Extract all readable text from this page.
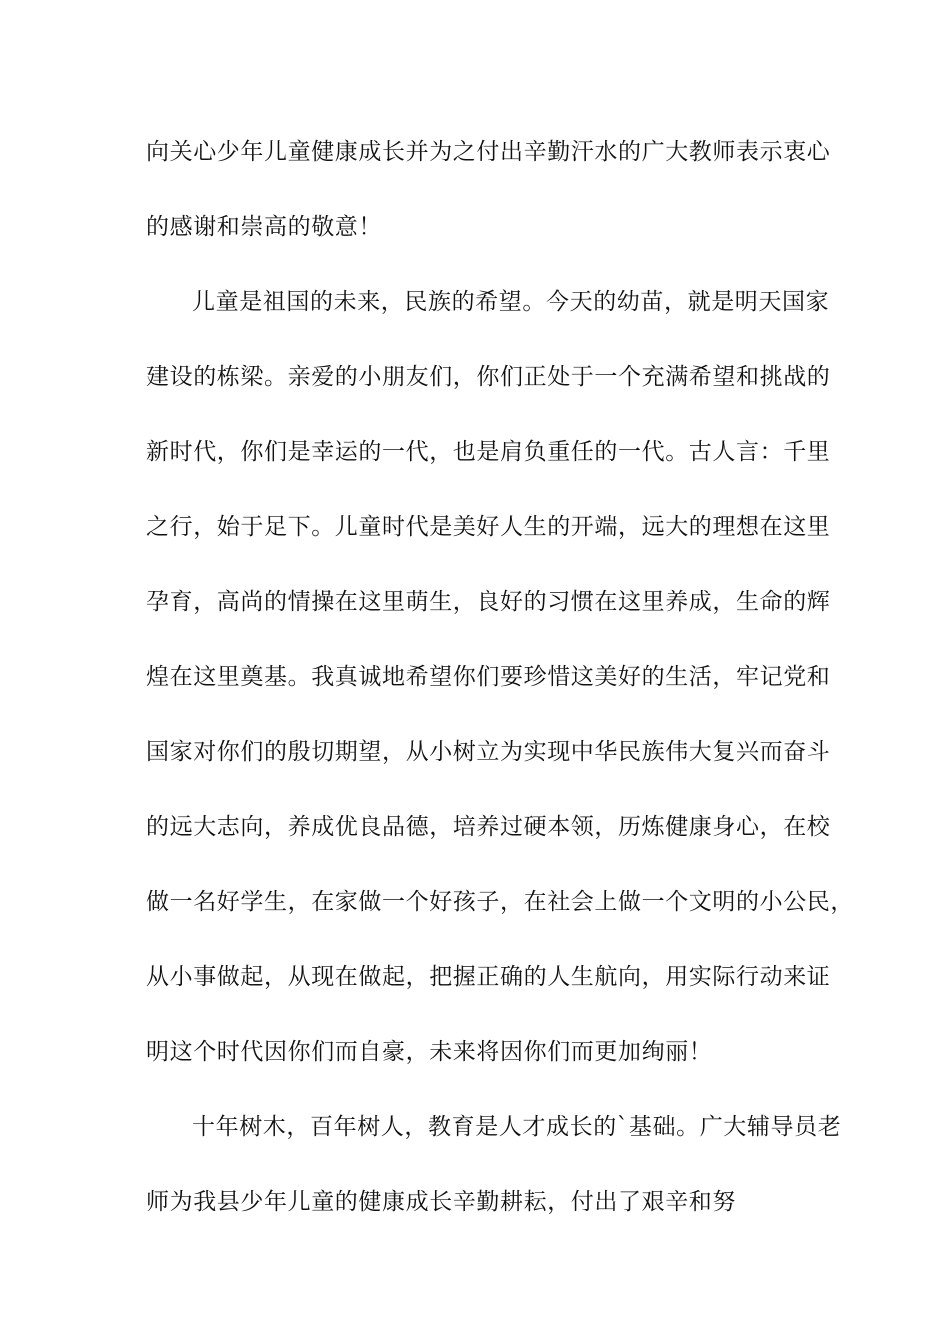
向关心少年儿童健康成长并为之付出辛勤汗水的广大教师表示衷心
的感谢和崇高的敬意！
儿童是祖国的未来，民族的希望。今天的幼苗，就是明天国家
建设的栋梁。亲爱的小朋友们，你们正处于一个充满希望和挑战的
新时代，你们是幸运的一代，也是肩负重任的一代。古人言：千里
之行，始于足下。儿童时代是美好人生的开端，远大的理想在这里
孕育，高尚的情操在这里萌生，良好的习惯在这里养成，生命的辉
煌在这里奠基。我真诚地希望你们要珍惜这美好的生活，牢记党和
国家对你们的殷切期望，从小树立为实现中华民族伟大复兴而奋斗
的远大志向，养成优良品德，培养过硬本领，历炼健康身心，在校
做一名好学生，在家做一个好孩子，在社会上做一个文明的小公民，
从小事做起，从现在做起，把握正确的人生航向，用实际行动来证
明这个时代因你们而自豪，未来将因你们而更加绚丽！
十年树木，百年树人，教育是人才成长的`基础。广大辅导员老
师为我县少年儿童的健康成长辛勤耕耘，付出了艰辛和努
